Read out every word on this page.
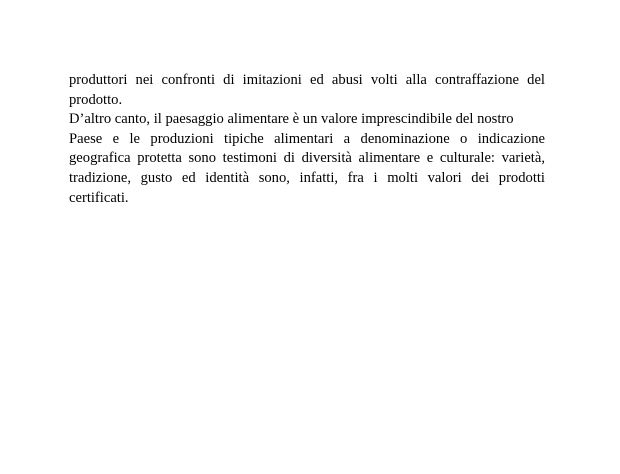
produttori nei confronti di imitazioni ed abusi volti alla contraffazione del
prodotto.
D’altro canto, il paesaggio alimentare è un valore imprescindibile del nostro
Paese e le produzioni tipiche alimentari a denominazione o indicazione
geografica protetta sono testimoni di diversità alimentare e culturale: varietà,
tradizione, gusto ed identità sono, infatti, fra i molti valori dei prodotti
certificati.
